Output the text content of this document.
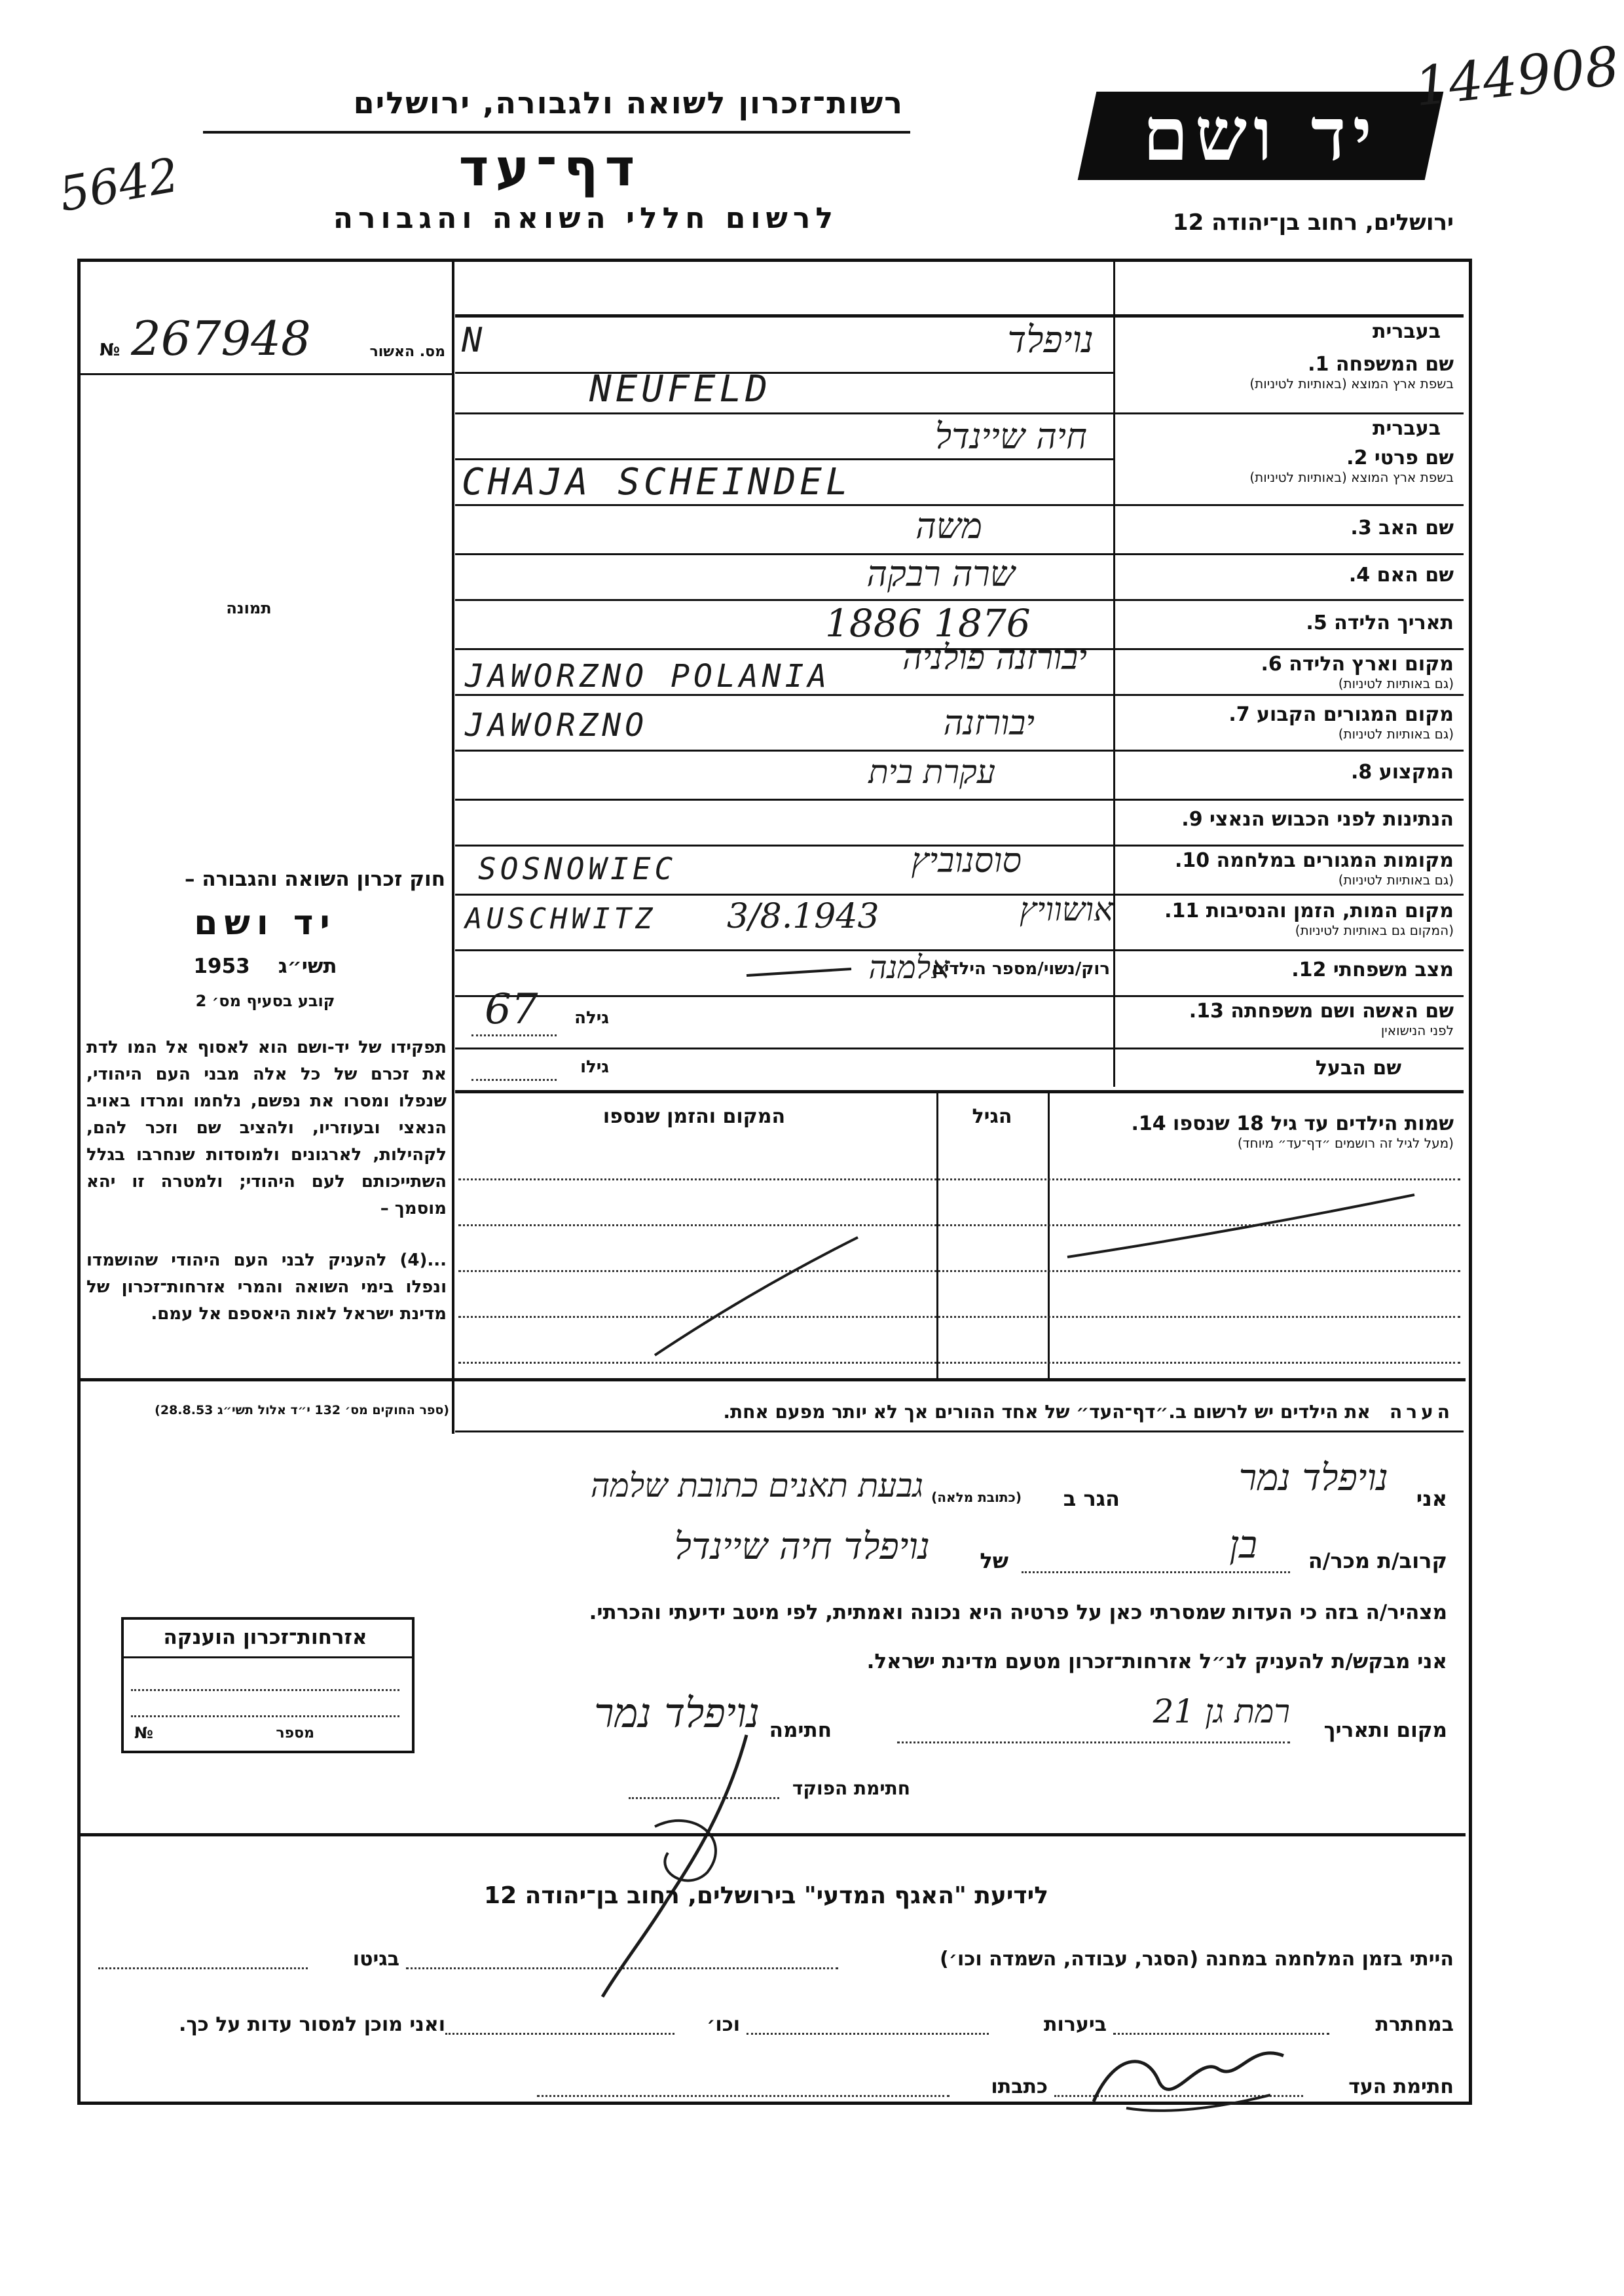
רשות־זכרון לשואה ולגבורה, ירושלים
דף־עד
לרשום חללי השואה והגבורה
5642
יד ושם
144908
ירושלים, רחוב בן־יהודה 12
מס. האשור
№ 267948
תמונה
חוק זכרון השואה והגבורה –
יד ושם
1953 תשי״ג
קובע בסעיף מס׳ 2
תפקידו של יד-ושם הוא לאסוף אל המו לדת את זכרם של כל אלה מבני העם היהודי, שנפלו ומסרו את נפשם, נלחמו ומרדו באויב הנאצי ובעוזריו, ולהציב שם וזכר להם, לקהילות, לארגונים ולמוסדות שנחרבו בגלל השתייכותם לעם היהודי; ולמטרה זו יהא מוסמך –
...(4) להעניק לבני העם היהודי שהושמדו ונפלו בימי השואה והמרי אזרחות־זכרון של מדינת ישראל לאות היאספם אל עמם.
(ספר החוקים מס׳ 132 י״ד אלול תשי״ג 28.8.53)
אזרחות־זכרון הוענקה
מספר
№
בעברית
שם המשפחה 1.
בשפת ארץ המוצא (באותיות לטיניות)
N	נויפלד
NEUFELD
בעברית
שם פרטי 2.
בשפת ארץ המוצא (באותיות לטיניות)
חיה שיינדל
CHAJA SCHEINDEL
שם האב 3.
משה
שם האם 4.
שרה רבקה
תאריך הלידה 5.
1886 1876
מקום וארץ הלידה 6.
(גם באותיות לטיניות)
יבורזנה פולניה
JAWORZNO POLANIA
מקום המגורים הקבוע 7.
(גם באותיות לטיניות)
JAWORZNO	יבורזנה
המקצוע 8.
עקרת בית
הנתינות לפני הכבוש הנאצי 9.
מקומות המגורים במלחמה 10.
(גם באותיות לטיניות)
SOSNOWIEC	סוסנוביץ
מקום המות, הזמן והנסיבות 11.
(המקום גם באותיות לטיניות)
AUSCHWITZ 3/8.1943	אושוויץ
מצב משפחתי 12.
רוק/נשוי/מספר הילדים
אלמנה
שם האשה ושם משפחתה 13.
לפני הנישואין
גילה
67
שם הבעל
גילו
שמות הילדים עד גיל 18 שנספו 14.
(מעל לגיל זה רושמים ״דף־עד״ מיוחד)
הגיל
המקום והזמן שנספו
הערה   את הילדים יש לרשום ב.״דף־העד״ של אחד ההורים אך לא יותר מפעם אחת.
אני
נויפלד נמר
הגר ב
(כתובת מלאה)
גבעת תאנים כתובת שלמה
קרוב/ת מכר/ה
בן
של
נויפלד חיה שיינדל
מצהיר/ה בזה כי העדות שמסרתי כאן על פרטיה היא נכונה ואמתית, לפי מיטב ידיעתי והכרתי.
אני מבקש/ת להעניק לנ״ל אזרחות־זכרון מטעם מדינת ישראל.
מקום ותאריך
רמת גן 21
חתימה
נויפלד נמר
חתימת הפוקד
לידיעת "האגף המדעי" בירושלים, רחוב בן־יהודה 12
הייתי בזמן המלחמה במחנה (הסגר, עבודה, השמדה וכו׳)
בגיטו
במחתרת
ביערות
וכו׳
ואני מוכן למסור עדות על כך.
חתימת העד
כתבתו
